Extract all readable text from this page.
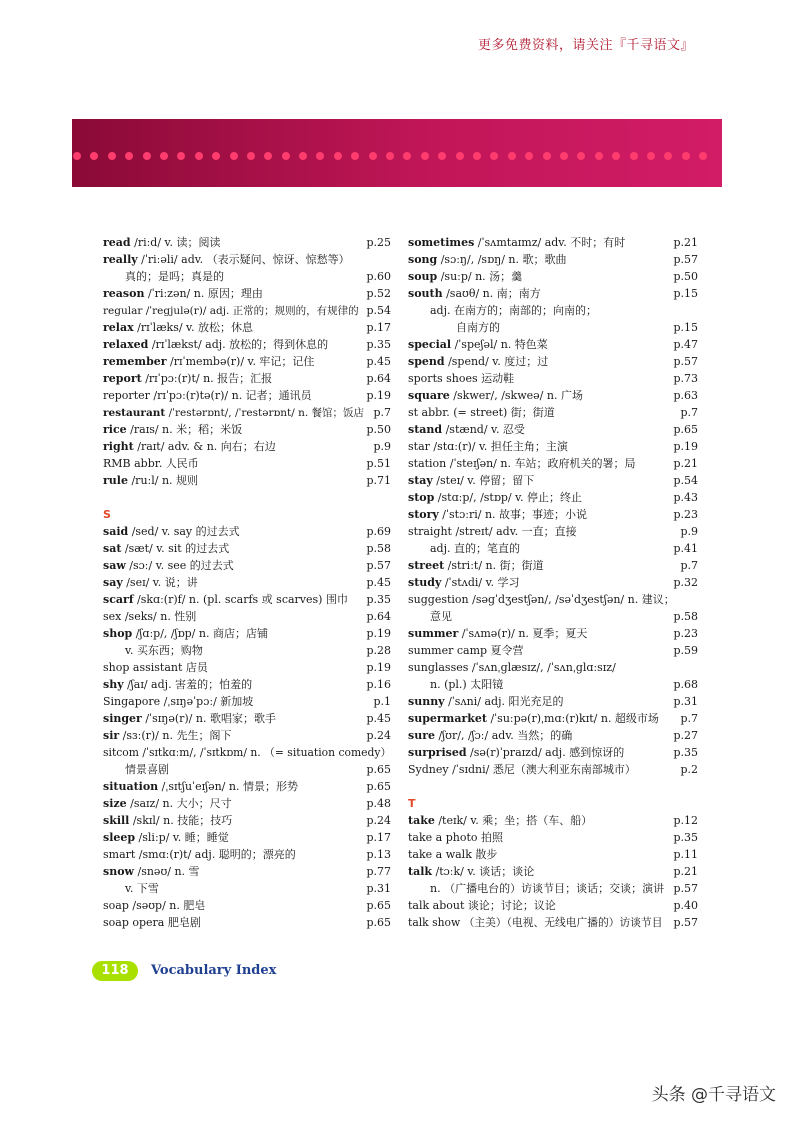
更多免费资料，请关注『千寻语文』
read /riːd/ v. 读；阅读	p.25
really /ˈriːəli/ adv. （表示疑问、惊讶、惊愁等）
真的；是吗；真是的	p.60
reason /ˈriːzən/ n. 原因；理由	p.52
regular /ˈregjulə(r)/ adj. 正常的；规则的，有规律的 p.54
relax /rɪˈlæks/ v. 放松；休息	p.17
relaxed /rɪˈlækst/ adj. 放松的；得到休息的	p.35
remember /rɪˈmembə(r)/ v. 牢记；记住	p.45
report /rɪˈpɔː(r)t/ n. 报告；汇报	p.64
reporter /rɪˈpɔː(r)tə(r)/ n. 记者；通讯员	p.19
restaurant /ˈrestərɒnt/, /ˈrestərɒnt/ n. 餐馆；饭店 p.7
rice /raɪs/ n. 米；稻；米饭	p.50
right /raɪt/ adv. & n. 向右；右边	p.9
RMB abbr. 人民币	p.51
rule /ruːl/ n. 规则	p.71
S
said /sed/ v. say 的过去式	p.69
sat /sæt/ v. sit 的过去式	p.58
saw /sɔː/ v. see 的过去式	p.57
say /seɪ/ v. 说；讲	p.45
scarf /skɑː(r)f/ n. (pl. scarfs 或 scarves) 围巾 p.35
sex /seks/ n. 性别	p.64
shop /ʃɑːp/, /ʃɒp/ n. 商店；店铺	p.19
v. 买东西；购物	p.28
shop assistant 店员	p.19
shy /ʃaɪ/ adj. 害羞的；怕羞的	p.16
Singapore /ˌsɪŋəˈpɔː/ 新加坡	p.1
singer /ˈsɪŋə(r)/ n. 歌唱家；歌手	p.45
sir /sɜː(r)/ n. 先生；阁下	p.24
sitcom /ˈsɪtkɑːm/, /ˈsɪtkɒm/ n. （= situation comedy）
情景喜剧	p.65
situation /ˌsɪtʃuˈeɪʃən/ n. 情景；形势	p.65
size /saɪz/ n. 大小；尺寸	p.48
skill /skɪl/ n. 技能；技巧	p.24
sleep /sliːp/ v. 睡；睡觉	p.17
smart /smɑː(r)t/ adj. 聪明的；漂亮的	p.13
snow /snəʊ/ n. 雪	p.77
v. 下雪	p.31
soap /səʊp/ n. 肥皂	p.65
soap opera 肥皂剧	p.65
sometimes /ˈsʌmtaɪmz/ adv. 不时；有时	p.21
song /sɔːŋ/, /sɒŋ/ n. 歌；歌曲	p.57
soup /suːp/ n. 汤；羹	p.50
south /saʊθ/ n. 南；南方	p.15
adj. 在南方的；南部的；向南的；
自南方的	p.15
special /ˈspeʃəl/ n. 特色菜	p.47
spend /spend/ v. 度过；过	p.57
sports shoes 运动鞋	p.73
square /skwer/, /skweə/ n. 广场	p.63
st abbr. (= street) 街；街道	p.7
stand /stænd/ v. 忍受	p.65
star /stɑː(r)/ v. 担任主角；主演	p.19
station /ˈsteɪʃən/ n. 车站；政府机关的署；局	p.21
stay /steɪ/ v. 停留；留下	p.54
stop /stɑːp/, /stɒp/ v. 停止；终止	p.43
story /ˈstɔːri/ n. 故事；事迹；小说	p.23
straight /streɪt/ adv. 一直；直接	p.9
adj. 直的；笔直的	p.41
street /striːt/ n. 街；街道	p.7
study /ˈstʌdi/ v. 学习	p.32
suggestion /səgˈdʒestʃən/, /səˈdʒestʃən/ n. 建议；
意见	p.58
summer /ˈsʌmə(r)/ n. 夏季；夏天	p.23
summer camp 夏令营	p.59
sunglasses /ˈsʌnˌglæsɪz/, /ˈsʌnˌglɑːsɪz/
n. (pl.) 太阳镜	p.68
sunny /ˈsʌni/ adj. 阳光充足的	p.31
supermarket /ˈsuːpə(r)ˌmɑː(r)kɪt/ n. 超级市场 p.7
sure /ʃʊr/, /ʃɔː/ adv. 当然；的确	p.27
surprised /sə(r)ˈpraɪzd/ adj. 感到惊讶的	p.35
Sydney /ˈsɪdni/ 悉尼（澳大利亚东南部城市）	p.2
T
take /teɪk/ v. 乘；坐；搭（车、船）	p.12
take a photo 拍照	p.35
take a walk 散步	p.11
talk /tɔːk/ v. 谈话；谈论	p.21
n. （广播电台的）访谈节目；谈话；交谈；演讲 p.57
talk about 谈论；讨论；议论	p.40
talk show （主美）（电视、无线电广播的）访谈节目 p.57
118	Vocabulary Index
头条 @千寻语文
